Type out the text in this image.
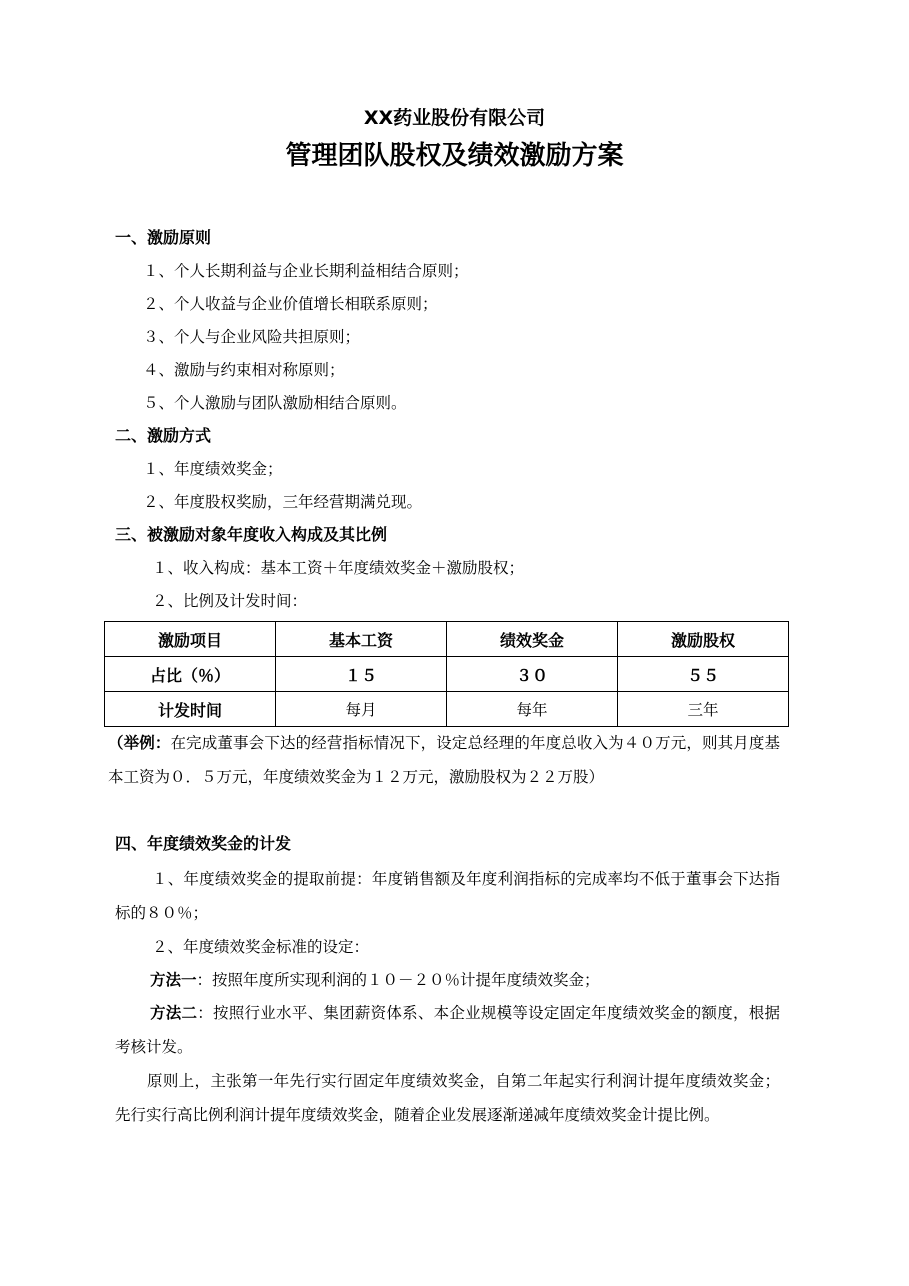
XX药业股份有限公司
管理团队股权及绩效激励方案
一、激励原则
１、个人长期利益与企业长期利益相结合原则；
２、个人收益与企业价值增长相联系原则；
３、个人与企业风险共担原则；
４、激励与约束相对称原则；
５、个人激励与团队激励相结合原则。
二、激励方式
１、年度绩效奖金；
２、年度股权奖励，三年经营期满兑现。
三、被激励对象年度收入构成及其比例
１、收入构成：基本工资＋年度绩效奖金＋激励股权；
２、比例及计发时间：
激励项目	基本工资	绩效奖金	激励股权
占比（％）	１５	３０	５５
计发时间	每月	每年	三年
（举例：在完成董事会下达的经营指标情况下，设定总经理的年度总收入为４０万元，则其月度基本工资为０．５万元，年度绩效奖金为１２万元，激励股权为２２万股）
四、年度绩效奖金的计发
１、年度绩效奖金的提取前提：年度销售额及年度利润指标的完成率均不低于董事会下达指标的８０％；
２、年度绩效奖金标准的设定：
方法一：按照年度所实现利润的１０－２０％计提年度绩效奖金；
方法二：按照行业水平、集团薪资体系、本企业规模等设定固定年度绩效奖金的额度，根据考核计发。
原则上，主张第一年先行实行固定年度绩效奖金，自第二年起实行利润计提年度绩效奖金；先行实行高比例利润计提年度绩效奖金，随着企业发展逐渐递减年度绩效奖金计提比例。
